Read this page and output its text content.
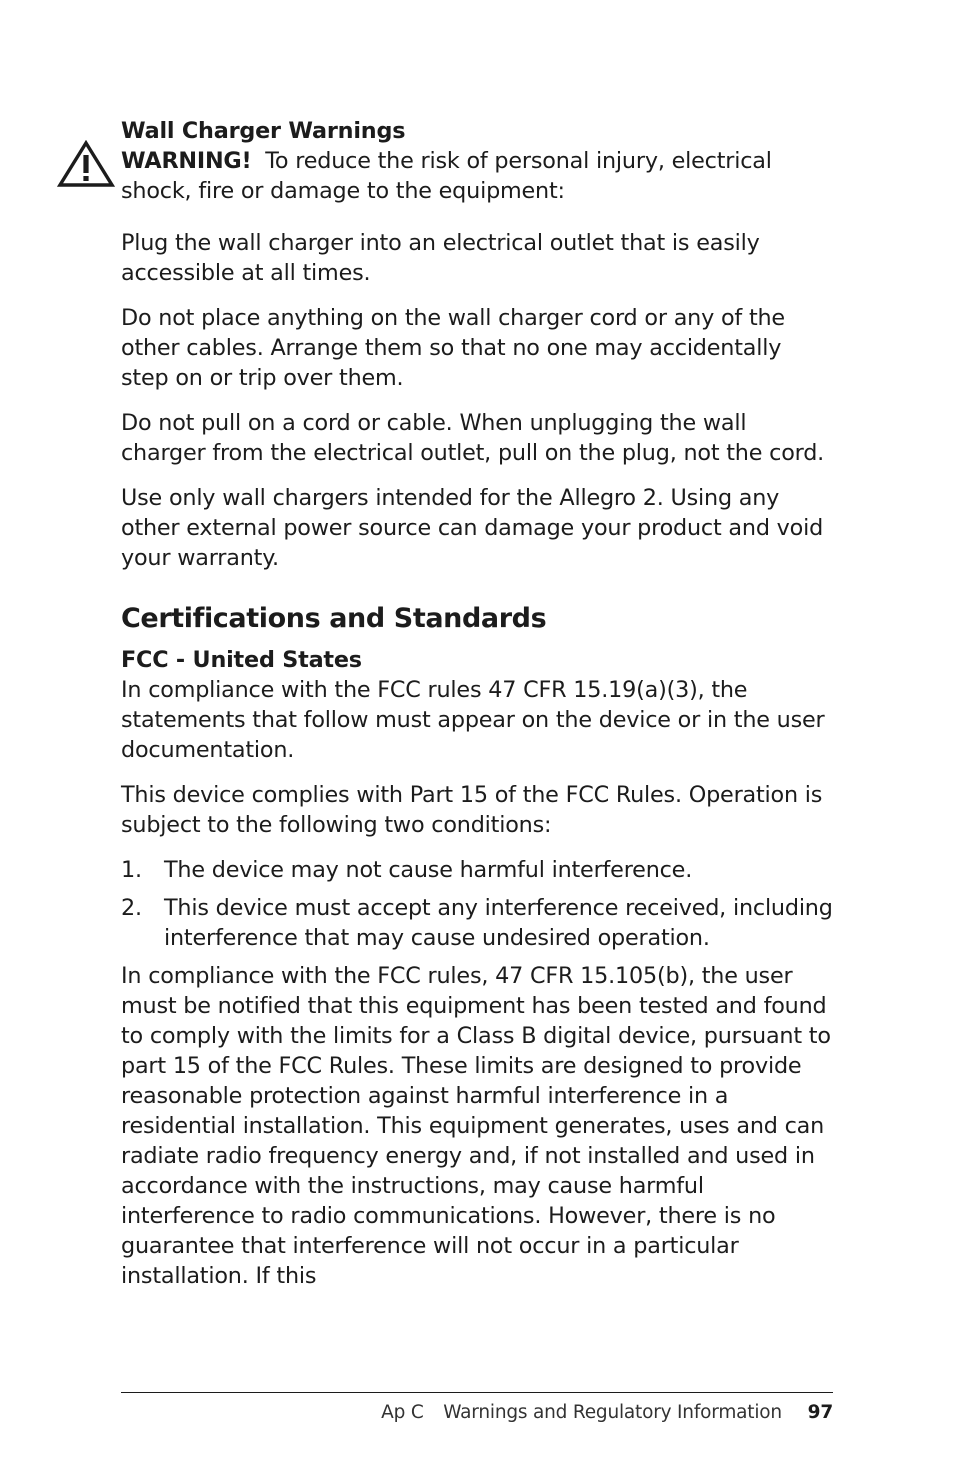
Wall Charger Warnings

WARNING! To reduce the risk of personal injury, electrical shock, fire or damage to the equipment:

Plug the wall charger into an electrical outlet that is easily accessible at all times.

Do not place anything on the wall charger cord or any of the other cables. Arrange them so that no one may accidentally step on or trip over them.

Do not pull on a cord or cable. When unplugging the wall charger from the electrical outlet, pull on the plug, not the cord.

Use only wall chargers intended for the Allegro 2. Using any other external power source can damage your product and void your warranty.

Certifications and Standards
FCC - United States

In compliance with the FCC rules 47 CFR 15.19(a)(3), the statements that follow must appear on the device or in the user documentation.

This device complies with Part 15 of the FCC Rules. Operation is subject to the following two conditions:

1. The device may not cause harmful interference.
2. This device must accept any interference received, including interference that may cause undesired operation.

In compliance with the FCC rules, 47 CFR 15.105(b), the user must be notified that this equipment has been tested and found to comply with the limits for a Class B digital device, pursuant to part 15 of the FCC Rules. These limits are designed to provide reasonable protection against harmful interference in a residential installation. This equipment generates, uses and can radiate radio frequency energy and, if not installed and used in accordance with the instructions, may cause harmful interference to radio communications. However, there is no guarantee that interference will not occur in a particular installation. If this

Ap C Warnings and Regulatory Information 97
